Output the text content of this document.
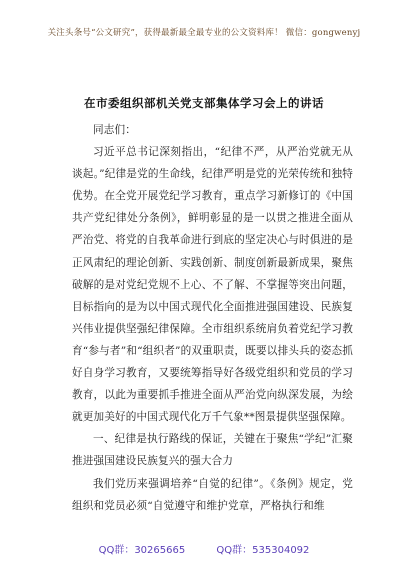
关注头条号“公文研究”，获得最新最全最专业的公文资料库！ 微信：gongwenyj
在市委组织部机关党支部集体学习会上的讲话

同志们：

习近平总书记深刻指出，“纪律不严，从严治党就无从谈起。”纪律是党的生命线，纪律严明是党的光荣传统和独特优势。在全党开展党纪学习教育，重点学习新修订的《中国共产党纪律处分条例》，鲜明彰显的是一以贯之推进全面从严治党、将党的自我革命进行到底的坚定决心与时俱进的是正风肃纪的理论创新、实践创新、制度创新最新成果，聚焦破解的是对党纪党规不上心、不了解、不掌握等突出问题，目标指向的是为以中国式现代化全面推进强国建设、民族复兴伟业提供坚强纪律保障。全市组织系统肩负着党纪学习教育“参与者”和“组织者”的双重职责，既要以排头兵的姿态抓好自身学习教育，又要统筹指导好各级党组织和党员的学习教育，以此为重要抓手推进全面从严治党向纵深发展，为绘就更加美好的中国式现代化万千气象**图景提供坚强保障。

一、纪律是执行路线的保证，关键在于聚焦“学纪”汇聚推进强国建设民族复兴的强大合力

我们党历来强调培养“自觉的纪律”。《条例》规定，党组织和党员必须“自觉遵守和维护党章，严格执行和维

QQ群：30265665	QQ群：535304092
